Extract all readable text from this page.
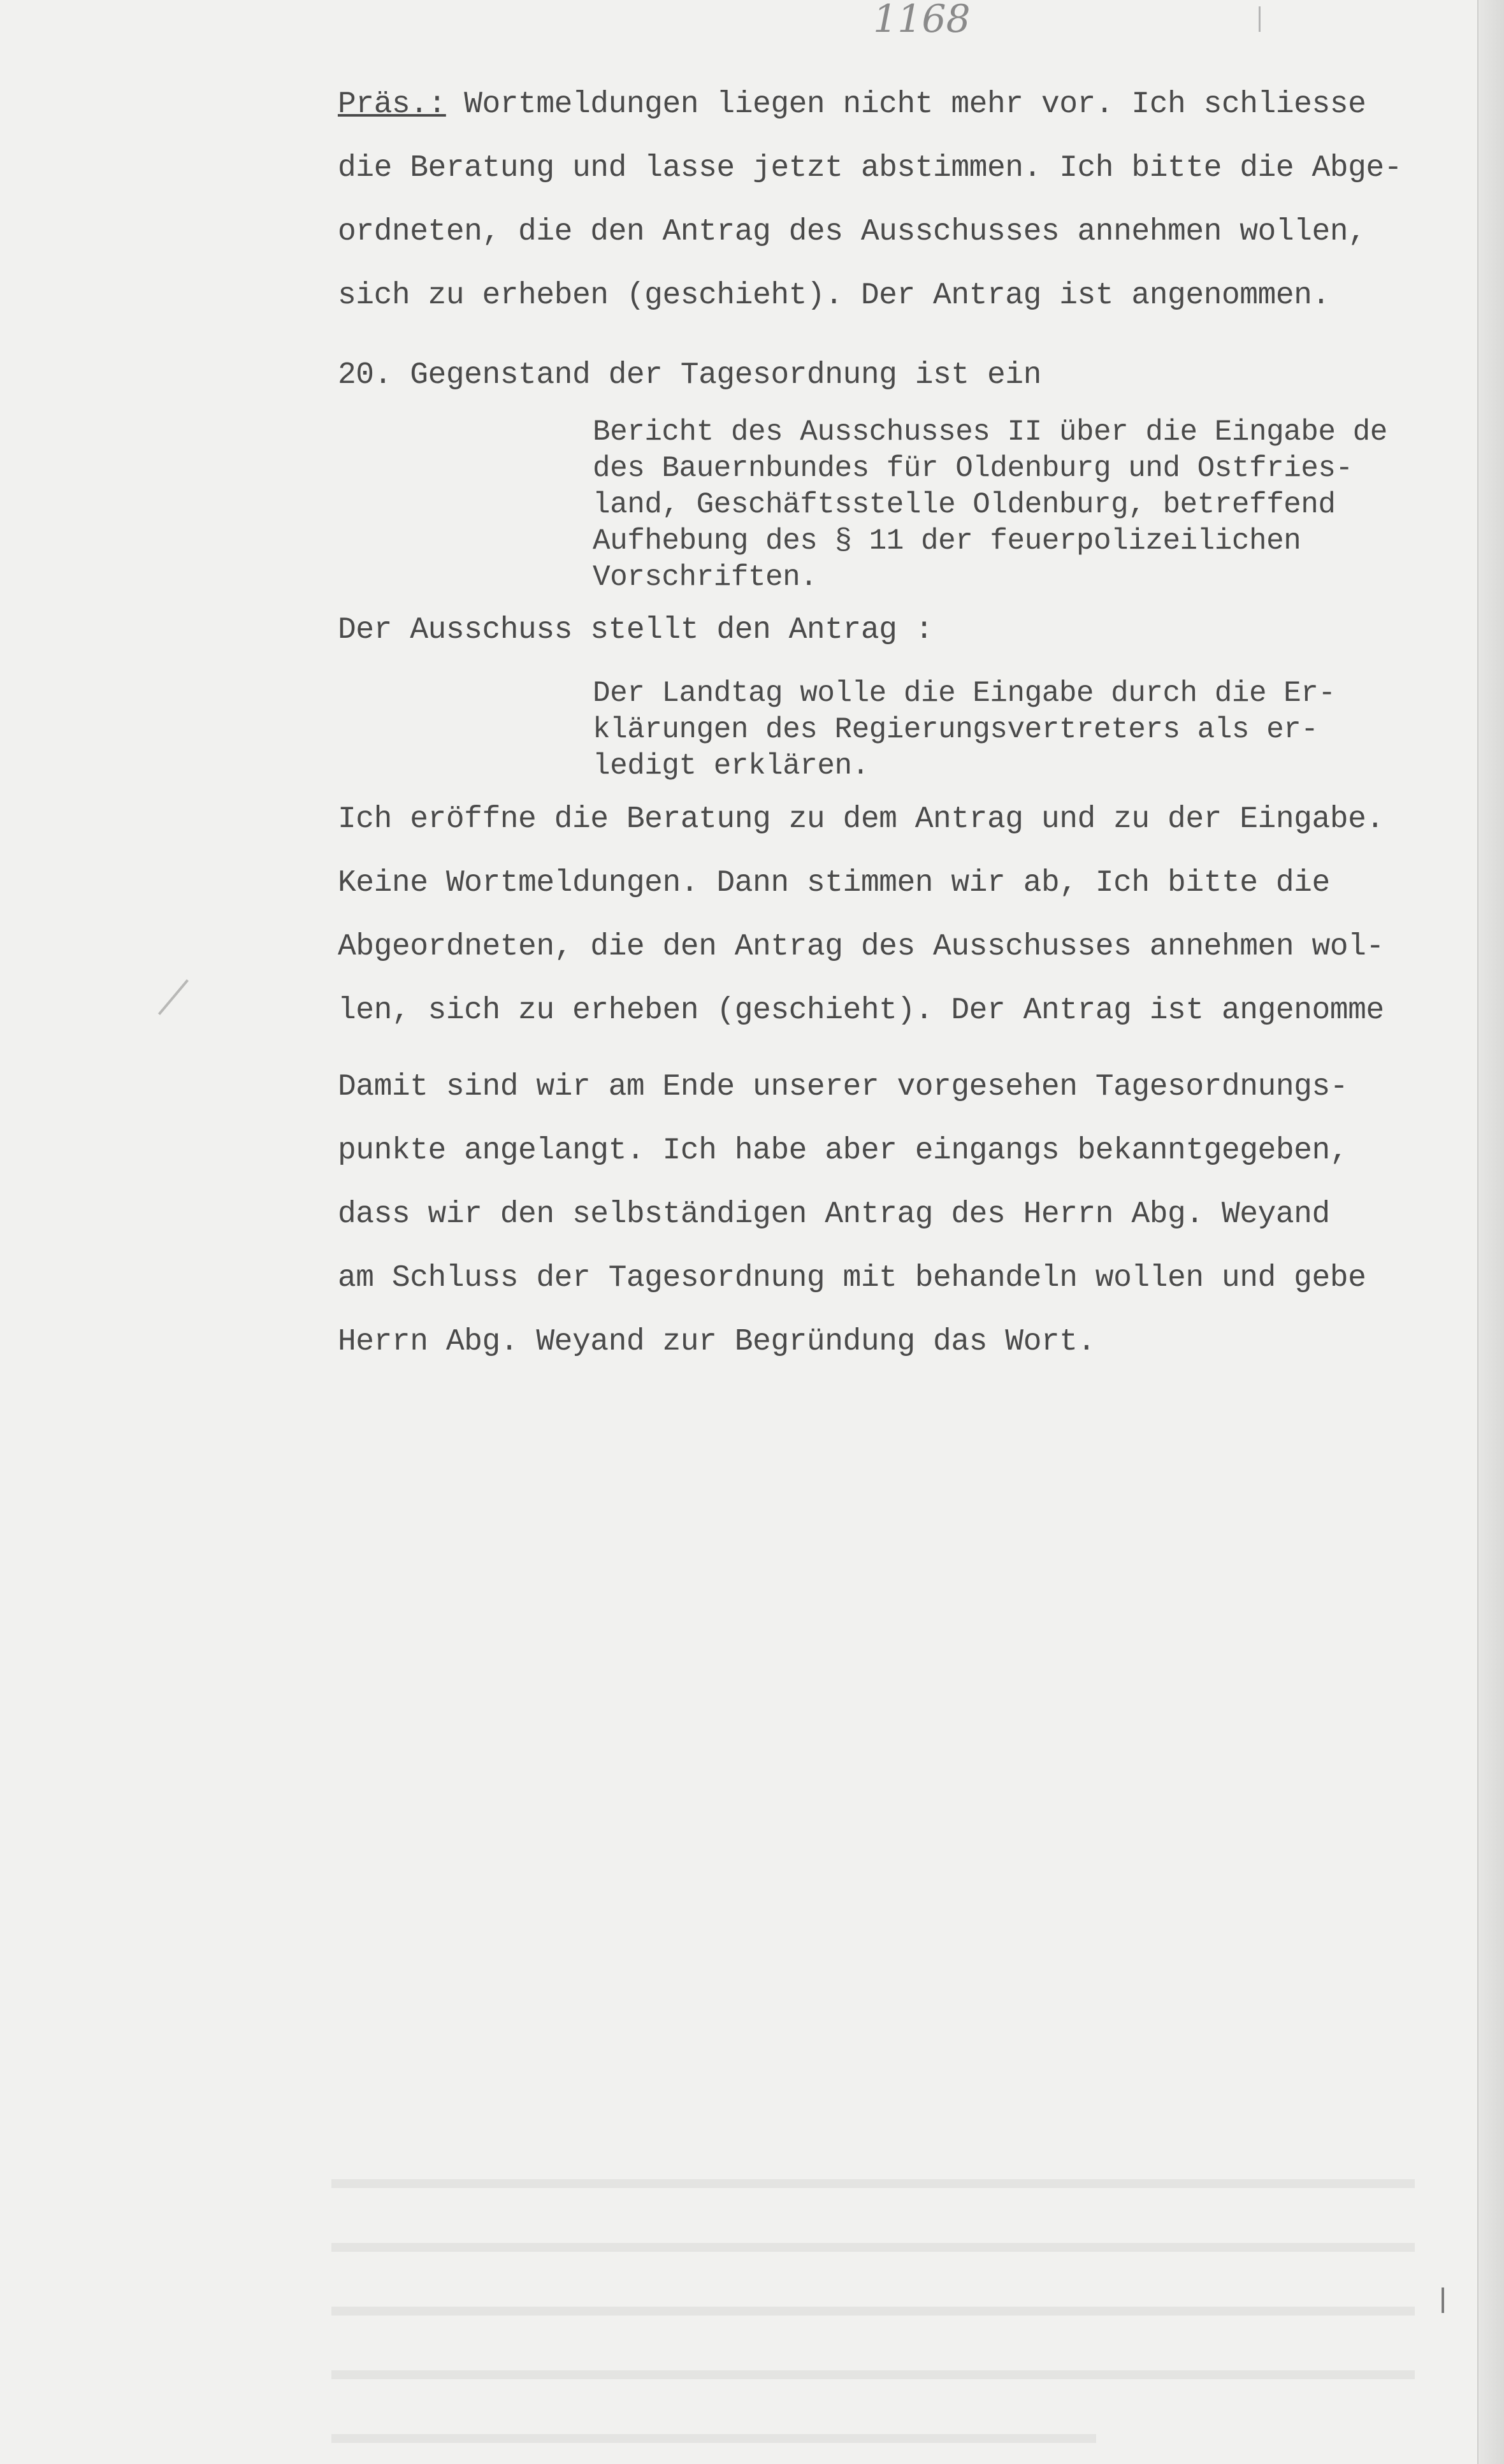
1168
Präs.: Wortmeldungen liegen nicht mehr vor. Ich schliesse
die Beratung und lasse jetzt abstimmen. Ich bitte die Abge-
ordneten, die den Antrag des Ausschusses annehmen wollen,
sich zu erheben (geschieht). Der Antrag ist angenommen.
20. Gegenstand der Tagesordnung ist ein
Bericht des Ausschusses II über die Eingabe de
des Bauernbundes für Oldenburg und Ostfries-
land, Geschäftsstelle Oldenburg, betreffend
Aufhebung des § 11 der feuerpolizeilichen
Vorschriften.
Der Ausschuss stellt den Antrag :
Der Landtag wolle die Eingabe durch die Er-
klärungen des Regierungsvertreters als er-
ledigt erklären.
Ich eröffne die Beratung zu dem Antrag und zu der Eingabe.
Keine Wortmeldungen. Dann stimmen wir ab, Ich bitte die
Abgeordneten, die den Antrag des Ausschusses annehmen wol-
len, sich zu erheben (geschieht). Der Antrag ist angenomme
Damit sind wir am Ende unserer vorgesehen Tagesordnungs-
punkte angelangt. Ich habe aber eingangs bekanntgegeben,
dass wir den selbständigen Antrag des Herrn Abg. Weyand
am Schluss der Tagesordnung mit behandeln wollen und gebe
Herrn Abg. Weyand zur Begründung das Wort.
